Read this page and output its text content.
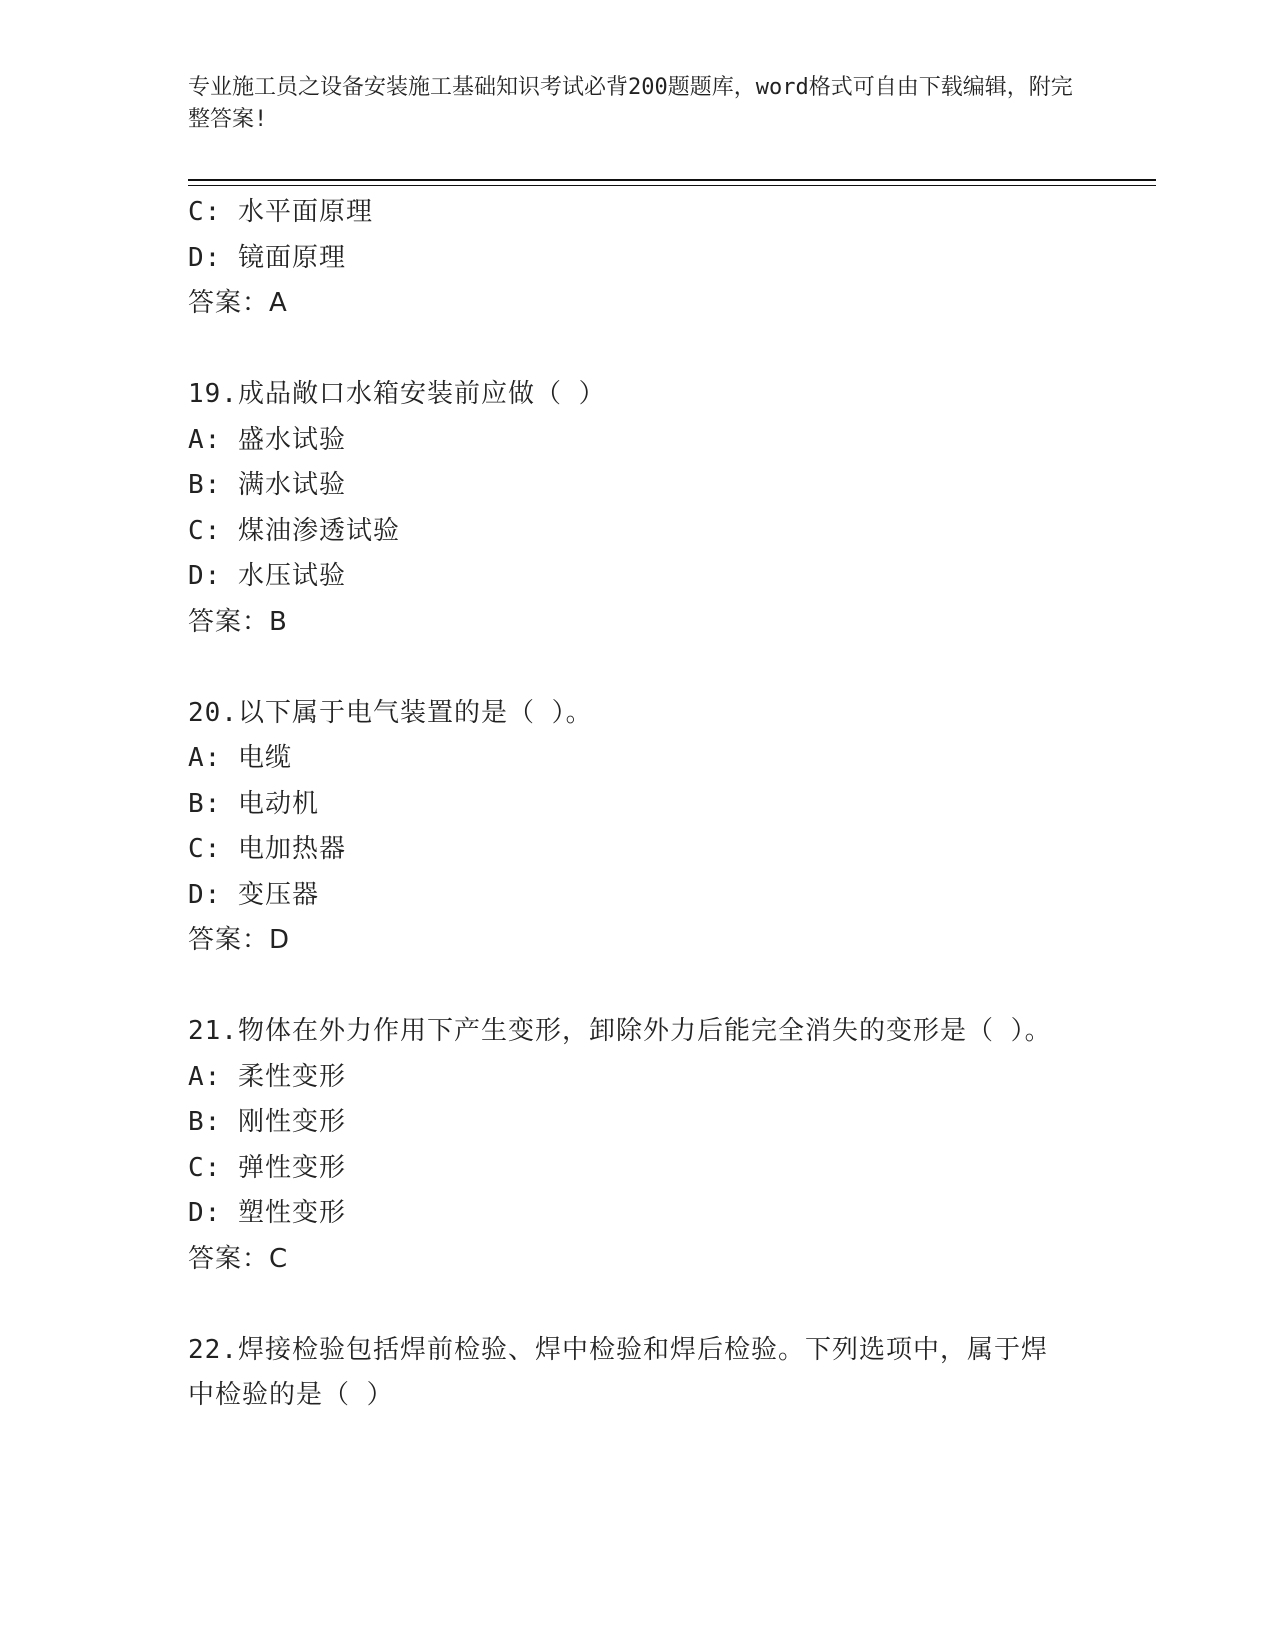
专业施工员之设备安装施工基础知识考试必背200题题库，word格式可自由下载编辑，附完整答案!
C: 水平面原理
D: 镜面原理
答案：A
19.成品敞口水箱安装前应做（ ）
A: 盛水试验
B: 满水试验
C: 煤油渗透试验
D: 水压试验
答案：B
20.以下属于电气装置的是（ ）。
A: 电缆
B: 电动机
C: 电加热器
D: 变压器
答案：D
21.物体在外力作用下产生变形，卸除外力后能完全消失的变形是（ ）。
A: 柔性变形
B: 刚性变形
C: 弹性变形
D: 塑性变形
答案：C
22.焊接检验包括焊前检验、焊中检验和焊后检验。下列选项中，属于焊中检验的是（ ）
